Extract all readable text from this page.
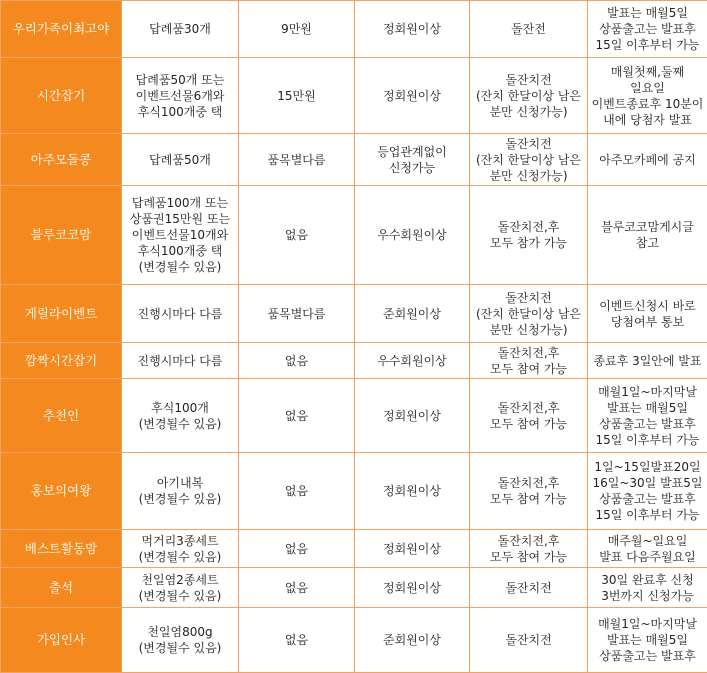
우리가족이최고야	답례품30개	9만원	정회원이상	돌잔전	발표는 매월5일
상품출고는 발표후
15일 이후부터 가능

시간잡기	답례품50개 또는
이벤트선물6개와
후식100개중 택	15만원	정회원이상	돌잔치전
(잔치 한달이상 남은
분만 신청가능)	매월첫째,둘째
일요일
이벤트종료후 10분이
내에 당첨자 발표

아주모돌콩	답례품50개	품목별다름	등업관계없이
신청가능	돌잔치전
(잔치 한달이상 남은
분만 신청가능)	아주모카페에 공지

블루코코맘	답례품100개 또는
상품권15만원 또는
이벤트선물10개와
후식100개중 택
(변경될수 있음)	없음	우수회원이상	돌잔치전,후
모두 참가 가능	블루코코맘게시글
참고

게릴라이벤트	진행시마다 다름	품목별다름	준회원이상	돌잔치전
(잔치 한달이상 남은
분만 신청가능)	이벤트신청시 바로
당첨여부 통보

깜짝시간잡기	진행시마다 다름	없음	우수회원이상	돌잔치전,후
모두 참여 가능	종료후 3일안에 발표

추천인	후식100개
(변경될수 있음)	없음	정회원이상	돌잔치전,후
모두 참여 가능	매월1일~마지막날
발표는 매월5일
상품출고는 발표후
15일 이후부터 가능

홍보의여왕	아기내복
(변경될수 있음)	없음	정회원이상	돌잔치전,후
모두 참여 가능	1일~15일발표20일
16일~30일 발표5일
상품출고는 발표후
15일 이후부터 가능

베스트활동맘	먹거리3종세트
(변경될수 있음)	없음	정회원이상	돌잔치전,후
모두 참여 가능	매주월~일요일
발표 다음주월요일

출석	천일염2종세트
(변경될수 있음)	없음	정회원이상	돌잔치전	30일 완료후 신청
3번까지 신청가능

가입인사	천일염800g
(변경될수 있음)	없음	준회원이상	돌잔치전	매월1일~마지막날
발표는 매월5일
상품출고는 발표후
